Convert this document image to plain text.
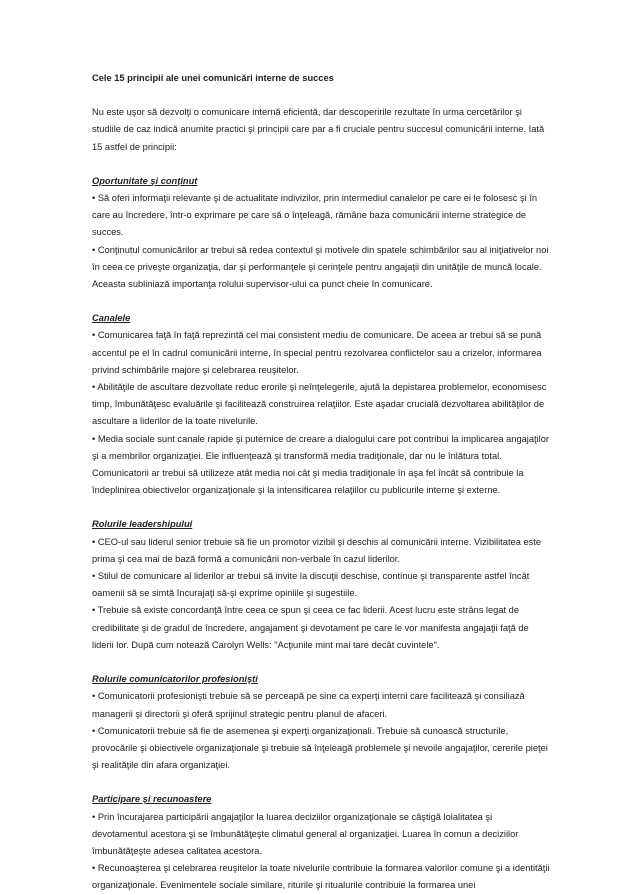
Cele 15 principii ale unei comunicări interne de succes

Nu este uşor să dezvolţi o comunicare internă eficientă, dar descoperirile rezultate în urma cercetărilor şi studiile de caz indică anumite practici şi principii care par a fi cruciale pentru succesul comunicării interne. Iată 15 astfel de principii:

Oportunitate şi conţinut

• Să oferi informaţii relevante şi de actualitate indivizilor, prin intermediul canalelor pe care ei le folosesc şi în care au încredere, într-o exprimare pe care să o înţeleagă, rămâne baza comunicării interne strategice de succes.

• Conţinutul comunicărilor ar trebui să redea contextul şi motivele din spatele schimbărilor sau al iniţiativelor noi în ceea ce priveşte organizaţia, dar şi performanţele şi cerinţele pentru angajaţii din unităţile de muncă locale. Aceasta subliniază importanţa rolului supervisor-ului ca punct cheie în comunicare.

Canalele

• Comunicarea faţă în faţă reprezintă cel mai consistent mediu de comunicare. De aceea ar trebui să se pună accentul pe el în cadrul comunicării interne, în special pentru rezolvarea conflictelor sau a crizelor, informarea privind schimbările majore şi celebrarea reuşitelor.

• Abilităţile de ascultare dezvoltate reduc erorile şi neînţelegerile, ajută la depistarea problemelor, economisesc timp, îmbunătăţesc evaluările şi facilitează construirea relaţiilor. Este aşadar crucială dezvoltarea abilităţilor de ascultare a liderilor de la toate nivelurile.

• Media sociale sunt canale rapide şi puternice de creare a dialogului care pot contribui la implicarea angajaţilor şi a membrilor organizaţiei. Ele influenţează şi transformă media tradiţionale, dar nu le înlătura total. Comunicatorii ar trebui să utilizeze atât media noi cât şi media tradiţionale în aşa fel încât să contribuie la îndeplinirea obiectivelor organizaţionale şi la intensificarea relaţiilor cu publicurile interne şi externe.

Rolurile leadershipului

• CEO-ul sau liderul senior trebuie să fie un promotor vizibil şi deschis al comunicării interne. Vizibilitatea este prima şi cea mai de bază formă a comunicării non-verbale în cazul liderilor.

• Stilul de comunicare al liderilor ar trebui să invite la discuţii deschise, continue şi transparente astfel încât oamenii să se simtă încurajaţi să-şi exprime opiniile şi sugestiile.

• Trebuie să existe concordanţă între ceea ce spun şi ceea ce fac liderii. Acest lucru este strâns legat de credibilitate şi de gradul de încredere, angajament şi devotament pe care le vor manifesta angajaţii faţă de liderii lor. După cum notează Carolyn Wells: "Acţiunile mint mai tare decât cuvintele".

Rolurile comunicatorilor profesionişti

• Comunicatorii profesionişti trebuie să se perceapă pe sine ca experţi interni care facilitează şi consiliază managerii şi directorii şi oferă sprijinul strategic pentru planul de afaceri.

• Comunicatorii trebuie să fie de asemenea şi experţi organizaţionali. Trebuie să cunoască structurile, provocările şi obiectivele organizaţionale şi trebuie să înţeleagă problemele şi nevoile angajaţilor, cererile pieţei şi realităţile din afara organizaţiei.

Participare şi recunoastere

• Prin încurajarea participării angajaţilor la luarea deciziilor organizaţionale se câştigă loialitatea şi devotamentul acestora şi se îmbunătăţeşte climatul general al organizaţiei. Luarea în comun a deciziilor îmbunătăţeşte adesea calitatea acestora.

• Recunoaşterea şi celebrarea reuşitelor la toate nivelurile contribuie la formarea valorilor comune şi a identităţii organizaţionale. Evenimentele sociale similare, riturile şi ritualurile contribuie la formarea unei
